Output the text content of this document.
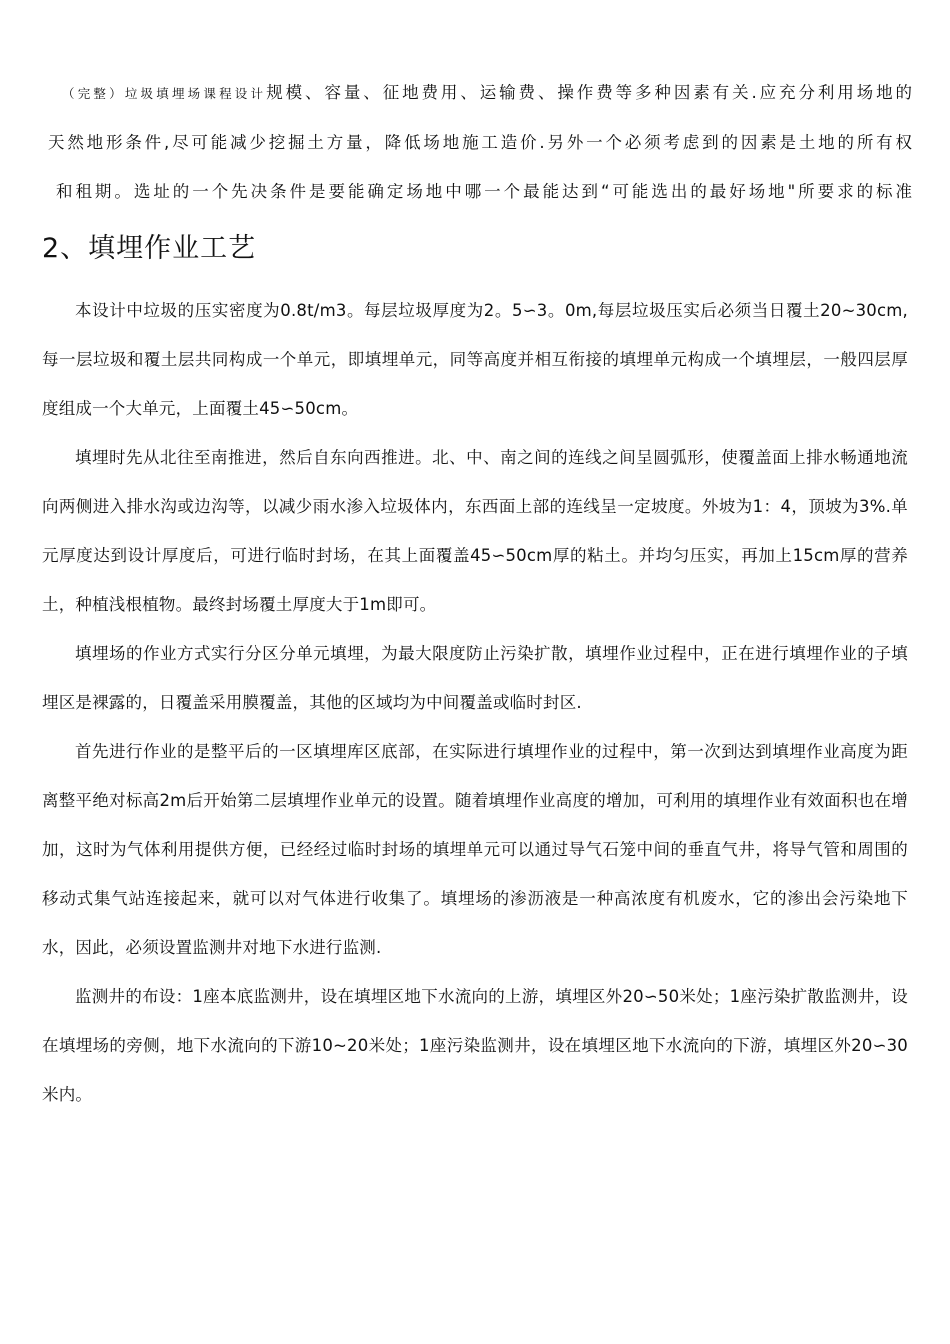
（完整）垃圾填埋场课程设计规模、容量、征地费用、运输费、操作费等多种因素有关.应充分利用场地的
天然地形条件,尽可能减少挖掘土方量，降低场地施工造价.另外一个必须考虑到的因素是土地的所有权
和租期。选址的一个先决条件是要能确定场地中哪一个最能达到“可能选出的最好场地"所要求的标准
2、填埋作业工艺

本设计中垃圾的压实密度为0.8t/m3。每层垃圾厚度为2。5∽3。0m,每层垃圾压实后必须当日覆土20~30cm,每一层垃圾和覆土层共同构成一个单元，即填埋单元，同等高度并相互衔接的填埋单元构成一个填埋层，一般四层厚度组成一个大单元，上面覆土45∽50cm。

填埋时先从北往至南推进，然后自东向西推进。北、中、南之间的连线之间呈圆弧形，使覆盖面上排水畅通地流向两侧进入排水沟或边沟等，以减少雨水渗入垃圾体内，东西面上部的连线呈一定坡度。外坡为1：4，顶坡为3%.单元厚度达到设计厚度后，可进行临时封场，在其上面覆盖45∽50cm厚的粘土。并均匀压实，再加上15cm厚的营养土，种植浅根植物。最终封场覆土厚度大于1m即可。

填埋场的作业方式实行分区分单元填埋，为最大限度防止污染扩散，填埋作业过程中，正在进行填埋作业的子填埋区是裸露的，日覆盖采用膜覆盖，其他的区域均为中间覆盖或临时封区.

首先进行作业的是整平后的一区填埋库区底部，在实际进行填埋作业的过程中，第一次到达到填埋作业高度为距离整平绝对标高2m后开始第二层填埋作业单元的设置。随着填埋作业高度的增加，可利用的填埋作业有效面积也在增加，这时为气体利用提供方便，已经经过临时封场的填埋单元可以通过导气石笼中间的垂直气井，将导气管和周围的移动式集气站连接起来，就可以对气体进行收集了。填埋场的渗沥液是一种高浓度有机废水，它的渗出会污染地下水，因此，必须设置监测井对地下水进行监测.

监测井的布设：1座本底监测井，设在填埋区地下水流向的上游，填埋区外20∽50米处；1座污染扩散监测井，设在填埋场的旁侧，地下水流向的下游10~20米处；1座污染监测井，设在填埋区地下水流向的下游，填埋区外20∽30米内。
